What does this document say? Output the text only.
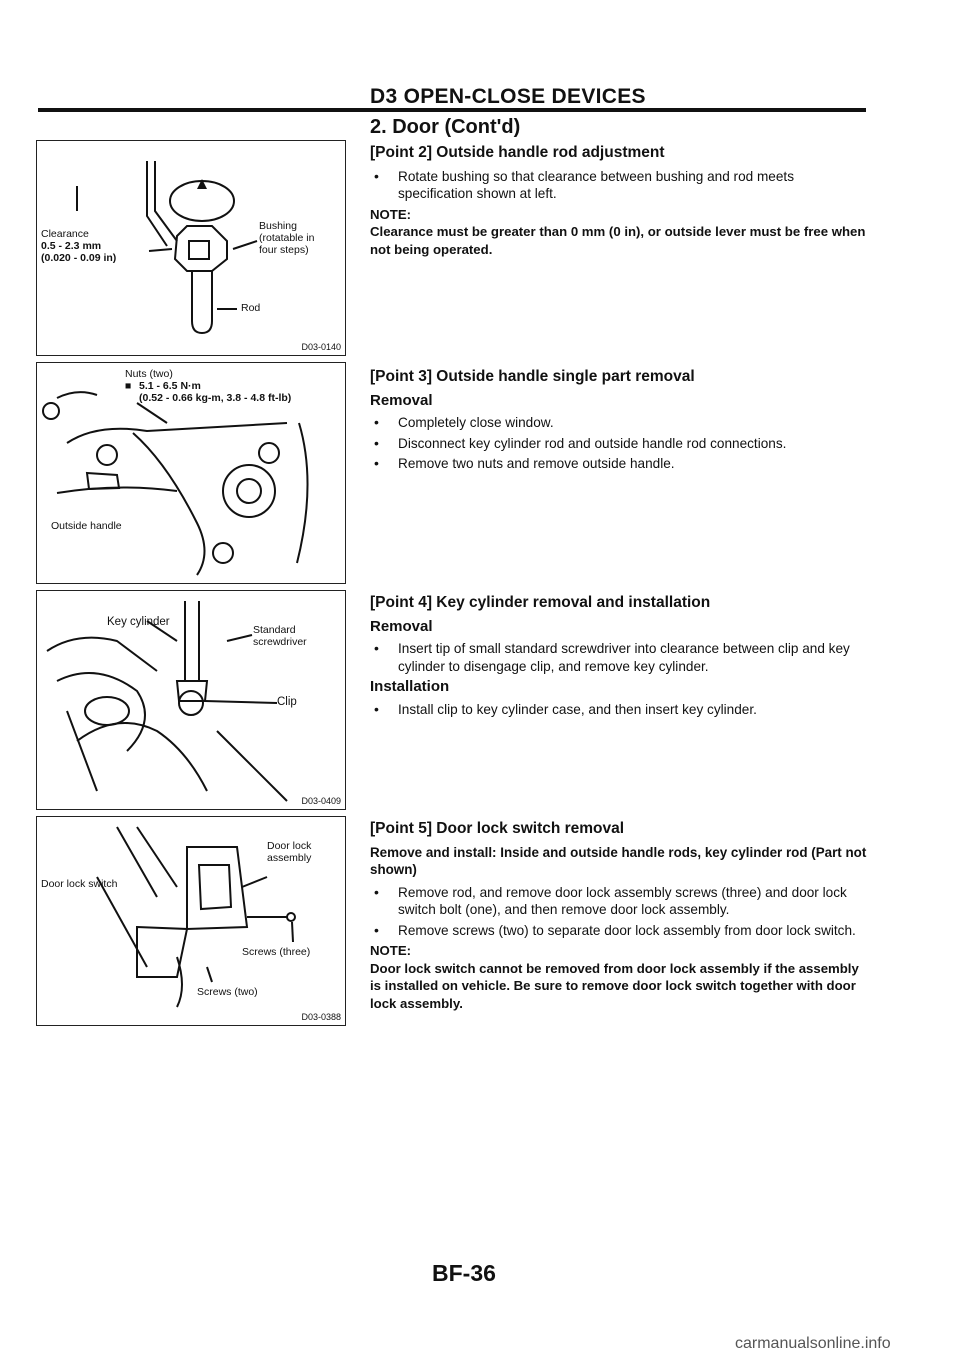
D3 OPEN-CLOSE DEVICES
2. Door (Cont'd)
Clearance
0.5 - 2.3 mm
(0.020 - 0.09 in)
Bushing
(rotatable in
four steps)
Rod
D03-0140
Nuts (two)
■ 5.1 - 6.5 N·m
(0.52 - 0.66 kg-m, 3.8 - 4.8 ft-lb)
Outside handle
Key cylinder
Standard
screwdriver
Clip
D03-0409
Door lock
assembly
Door lock switch
Screws (three)
Screws (two)
D03-0388
[Point 2] Outside handle rod adjustment
• Rotate bushing so that clearance between bushing and rod meets specification shown at left.

NOTE:

Clearance must be greater than 0 mm (0 in), or outside lever must be free when not being operated.

[Point 3] Outside handle single part removal
Removal
• Completely close window.
• Disconnect key cylinder rod and outside handle rod connections.
• Remove two nuts and remove outside handle.
[Point 4] Key cylinder removal and installation
Removal
• Insert tip of small standard screwdriver into clearance between clip and key cylinder to disengage clip, and remove key cylinder.
Installation
• Install clip to key cylinder case, and then insert key cylinder.
[Point 5] Door lock switch removal

Remove and install: Inside and outside handle rods, key cylinder rod (Part not shown)

• Remove rod, and remove door lock assembly screws (three) and door lock switch bolt (one), and then remove door lock assembly.
• Remove screws (two) to separate door lock assembly from door lock switch.

NOTE:

Door lock switch cannot be removed from door lock assembly if the assembly is installed on vehicle. Be sure to remove door lock switch together with door lock assembly.

BF-36
carmanualsonline.info
